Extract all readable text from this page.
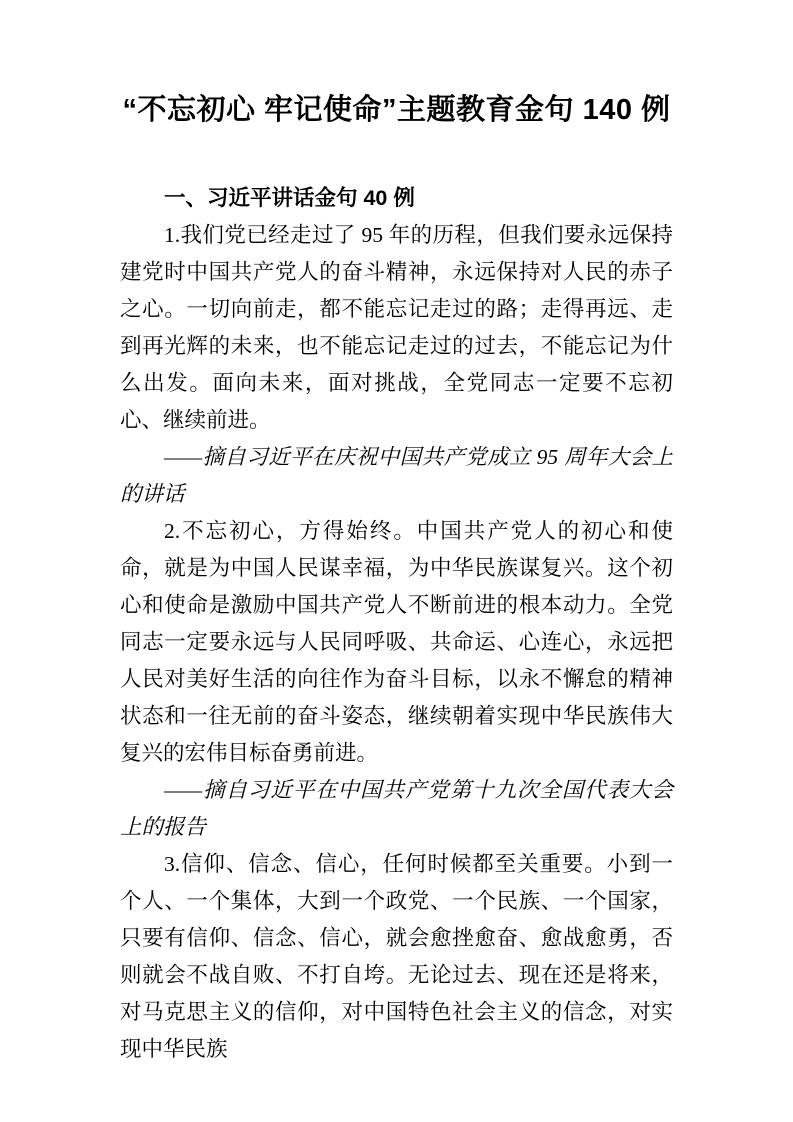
“不忘初心 牢记使命”主题教育金句 140 例
一、习近平讲话金句 40 例

1.我们党已经走过了 95 年的历程，但我们要永远保持建党时中国共产党人的奋斗精神，永远保持对人民的赤子之心。一切向前走，都不能忘记走过的路；走得再远、走到再光辉的未来，也不能忘记走过的过去，不能忘记为什么出发。面向未来，面对挑战，全党同志一定要不忘初心、继续前进。

——摘自习近平在庆祝中国共产党成立 95 周年大会上的讲话

2.不忘初心，方得始终。中国共产党人的初心和使命，就是为中国人民谋幸福，为中华民族谋复兴。这个初心和使命是激励中国共产党人不断前进的根本动力。全党同志一定要永远与人民同呼吸、共命运、心连心，永远把人民对美好生活的向往作为奋斗目标，以永不懈怠的精神状态和一往无前的奋斗姿态，继续朝着实现中华民族伟大复兴的宏伟目标奋勇前进。

——摘自习近平在中国共产党第十九次全国代表大会上的报告

3.信仰、信念、信心，任何时候都至关重要。小到一个人、一个集体，大到一个政党、一个民族、一个国家，只要有信仰、信念、信心，就会愈挫愈奋、愈战愈勇，否则就会不战自败、不打自垮。无论过去、现在还是将来，对马克思主义的信仰，对中国特色社会主义的信念，对实现中华民族
